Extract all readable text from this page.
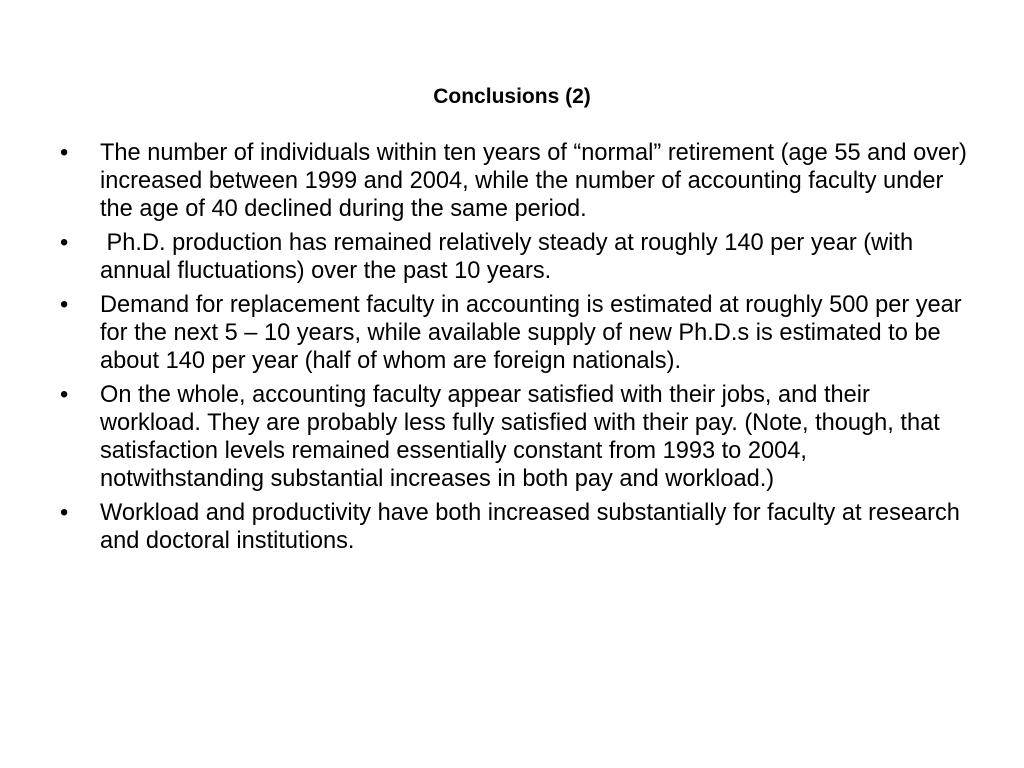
Conclusions (2)
•	The number of individuals within ten years of “normal” retirement (age 55 and over) increased between 1999 and 2004, while the number of accounting faculty under the age of 40 declined during the same period.
•	Ph.D. production has remained relatively steady at roughly 140 per year (with annual fluctuations) over the past 10 years.
•	Demand for replacement faculty in accounting is estimated at roughly 500 per year for the next 5 – 10 years, while available supply of new Ph.D.s is estimated to be about 140 per year (half of whom are foreign nationals).
•	On the whole, accounting faculty appear satisfied with their jobs, and their workload. They are probably less fully satisfied with their pay. (Note, though, that satisfaction levels remained essentially constant from 1993 to 2004, notwithstanding substantial increases in both pay and workload.)
•	Workload and productivity have both increased substantially for faculty at research and doctoral institutions.
